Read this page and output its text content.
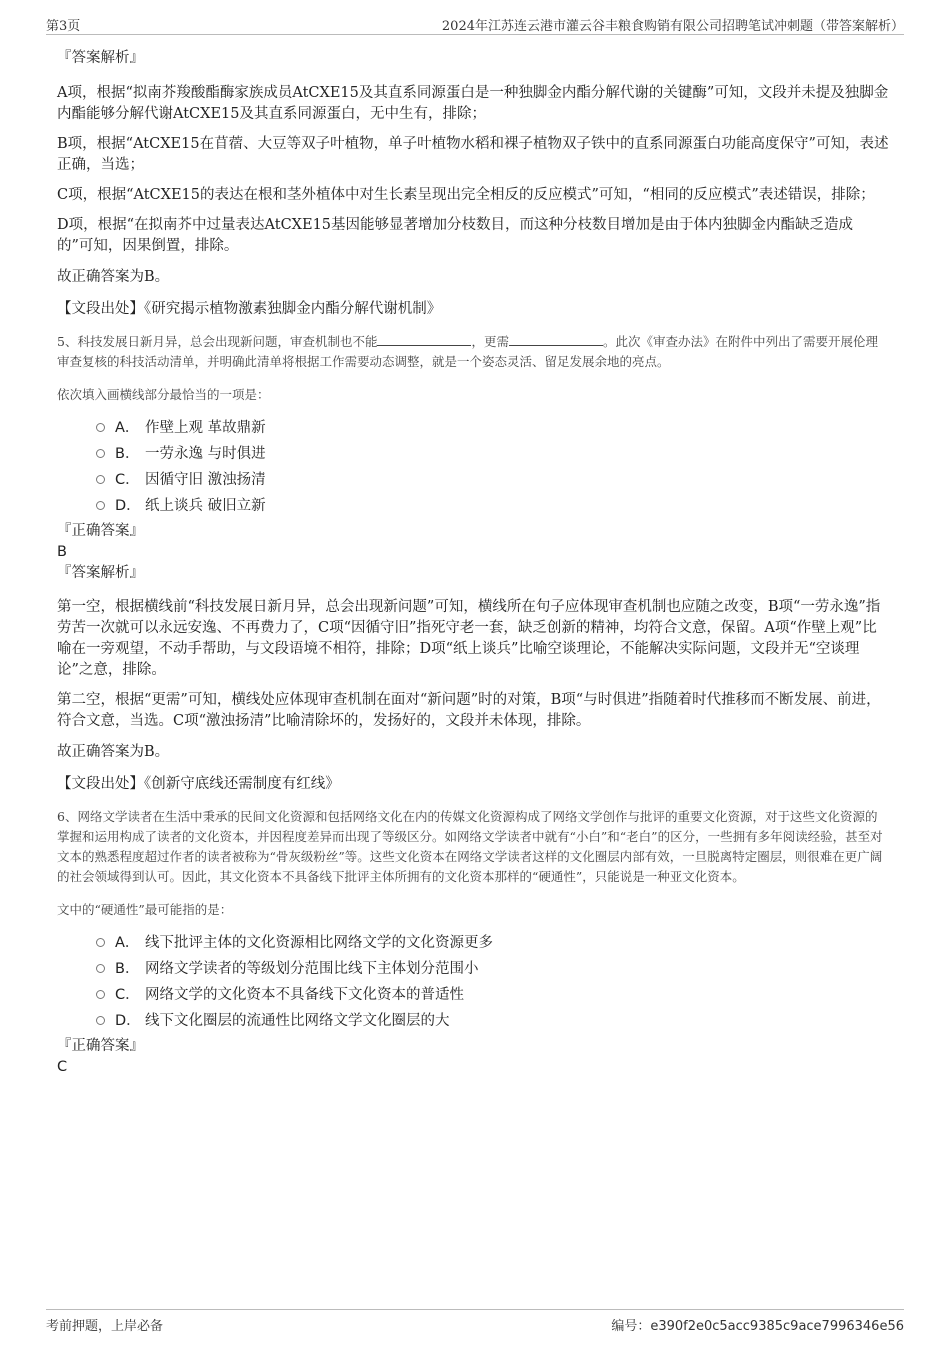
第3页	2024年江苏连云港市灌云谷丰粮食购销有限公司招聘笔试冲刺题（带答案解析）
『答案解析』

A项，根据“拟南芥羧酸酯酶家族成员AtCXE15及其直系同源蛋白是一种独脚金内酯分解代谢的关键酶”可知，文段并未提及独脚金内酯能够分解代谢AtCXE15及其直系同源蛋白，无中生有，排除；

B项，根据“AtCXE15在苜蓿、大豆等双子叶植物，单子叶植物水稻和裸子植物双子铁中的直系同源蛋白功能高度保守”可知，表述正确，当选；

C项，根据“AtCXE15的表达在根和茎外植体中对生长素呈现出完全相反的反应模式”可知，“相同的反应模式”表述错误，排除；

D项，根据“在拟南芥中过量表达AtCXE15基因能够显著增加分枝数目，而这种分枝数目增加是由于体内独脚金内酯缺乏造成的”可知，因果倒置，排除。

故正确答案为B。

【文段出处】《研究揭示植物激素独脚金内酯分解代谢机制》

5、科技发展日新月异，总会出现新问题，审查机制也不能	，更需	。此次《审查办法》在附件中列出了需要开展伦理审查复核的科技活动清单，并明确此清单将根据工作需要动态调整，就是一个姿态灵活、留足发展余地的亮点。

依次填入画横线部分最恰当的一项是：

A． 作壁上观 革故鼎新
B． 一劳永逸 与时俱进
C． 因循守旧 激浊扬清
D． 纸上谈兵 破旧立新
『正确答案』
B
『答案解析』

第一空，根据横线前“科技发展日新月异，总会出现新问题”可知，横线所在句子应体现审查机制也应随之改变，B项“一劳永逸”指劳苦一次就可以永远安逸、不再费力了，C项“因循守旧”指死守老一套，缺乏创新的精神，均符合文意，保留。A项“作壁上观”比喻在一旁观望，不动手帮助，与文段语境不相符，排除；D项“纸上谈兵”比喻空谈理论，不能解决实际问题，文段并无“空谈理论”之意，排除。

第二空，根据“更需”可知，横线处应体现审查机制在面对“新问题”时的对策，B项“与时俱进”指随着时代推移而不断发展、前进，符合文意，当选。C项“激浊扬清”比喻清除坏的，发扬好的，文段并未体现，排除。

故正确答案为B。

【文段出处】《创新守底线还需制度有红线》

6、网络文学读者在生活中秉承的民间文化资源和包括网络文化在内的传媒文化资源构成了网络文学创作与批评的重要文化资源，对于这些文化资源的掌握和运用构成了读者的文化资本，并因程度差异而出现了等级区分。如网络文学读者中就有“小白”和“老白”的区分，一些拥有多年阅读经验，甚至对文本的熟悉程度超过作者的读者被称为“骨灰级粉丝”等。这些文化资本在网络文学读者这样的文化圈层内部有效，一旦脱离特定圈层，则很难在更广阔的社会领域得到认可。因此，其文化资本不具备线下批评主体所拥有的文化资本那样的“硬通性”，只能说是一种亚文化资本。

文中的“硬通性”最可能指的是：

A． 线下批评主体的文化资源相比网络文学的文化资源更多
B． 网络文学读者的等级划分范围比线下主体划分范围小
C． 网络文学的文化资本不具备线下文化资本的普适性
D． 线下文化圈层的流通性比网络文学文化圈层的大
『正确答案』
C
考前押题，上岸必备	编号：e390f2e0c5acc9385c9ace7996346e56
